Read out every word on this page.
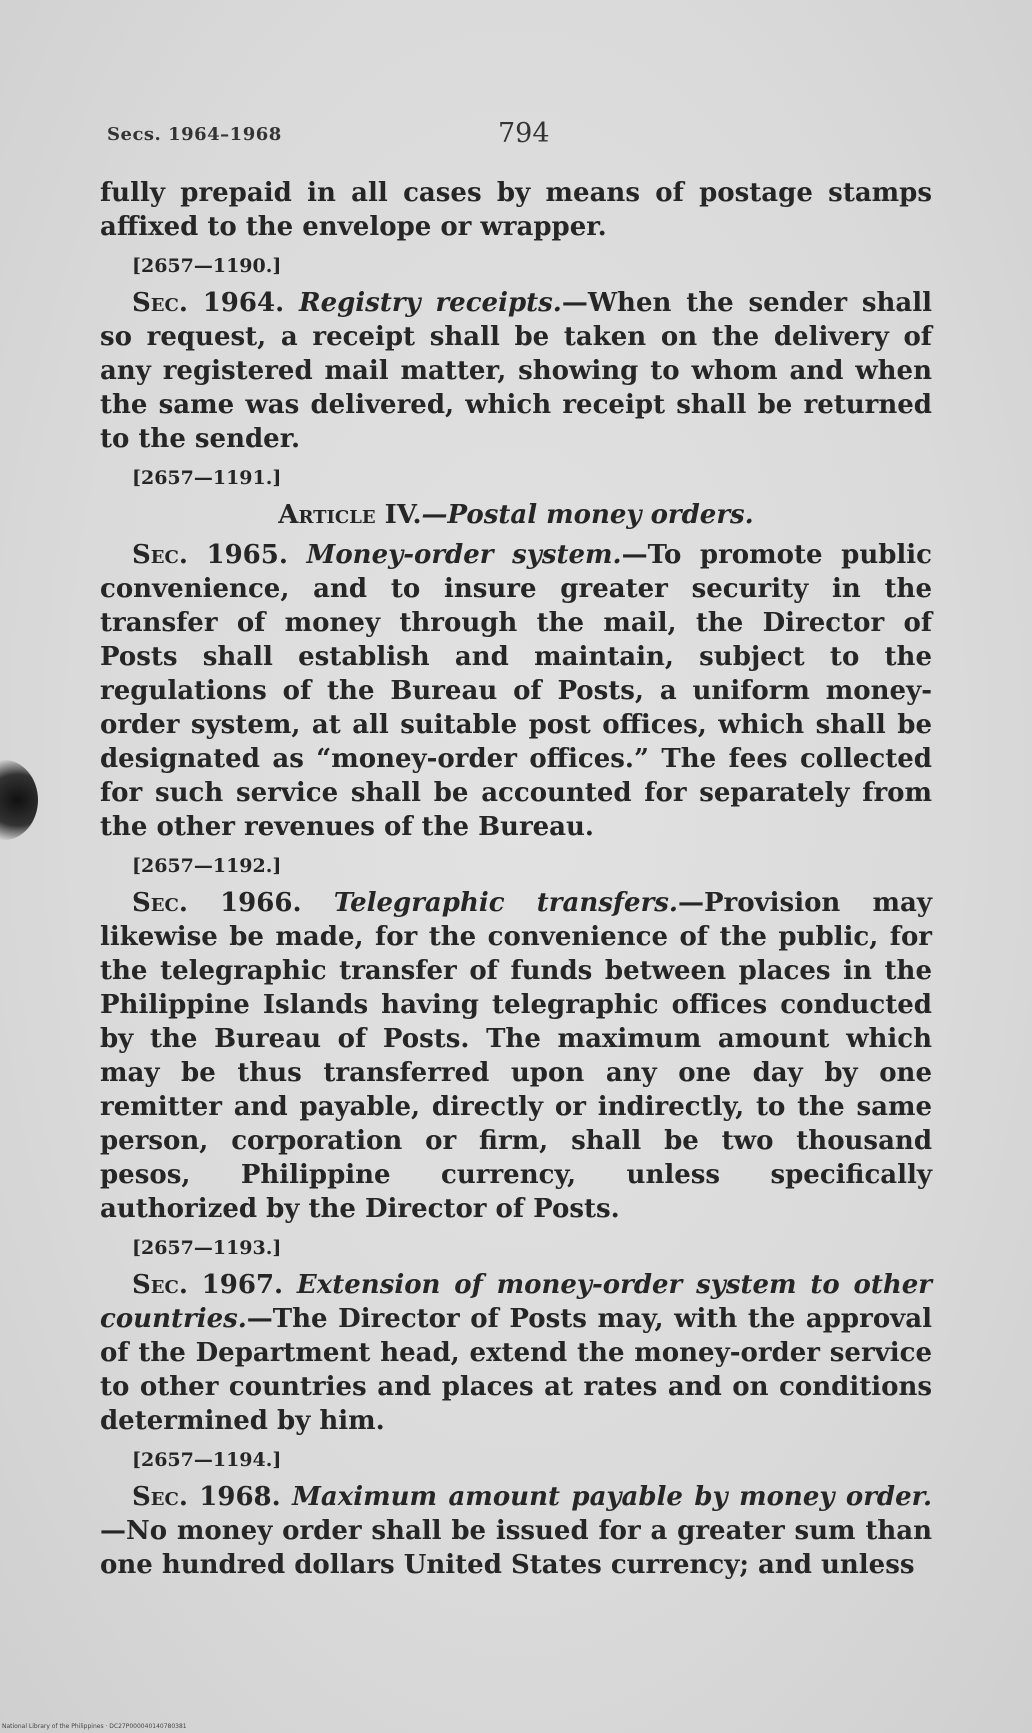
Secs. 1964–1968	794

fully prepaid in all cases by means of postage stamps affixed to the envelope or wrapper.

[2657—1190.]

Sec. 1964. Registry receipts.—When the sender shall so request, a receipt shall be taken on the delivery of any registered mail matter, showing to whom and when the same was delivered, which receipt shall be returned to the sender.

[2657—1191.]
Article IV.—Postal money orders.

Sec. 1965. Money-order system.—To promote public convenience, and to insure greater security in the transfer of money through the mail, the Director of Posts shall establish and maintain, subject to the regulations of the Bureau of Posts, a uniform money-order system, at all suitable post offices, which shall be designated as “money-order offices.” The fees collected for such service shall be accounted for separately from the other revenues of the Bureau.

[2657—1192.]

Sec. 1966. Telegraphic transfers.—Provision may likewise be made, for the convenience of the public, for the telegraphic transfer of funds between places in the Philippine Islands having telegraphic offices conducted by the Bureau of Posts. The maximum amount which may be thus transferred upon any one day by one remitter and payable, directly or indirectly, to the same person, corporation or firm, shall be two thousand pesos, Philippine currency, unless specifically authorized by the Director of Posts.

[2657—1193.]

Sec. 1967. Extension of money-order system to other countries.—The Director of Posts may, with the approval of the Department head, extend the money-order service to other countries and places at rates and on conditions determined by him.

[2657—1194.]

Sec. 1968. Maximum amount payable by money order.—No money order shall be issued for a greater sum than one hundred dollars United States currency; and unless

National Library of the Philippines · DC27P000040140780381
